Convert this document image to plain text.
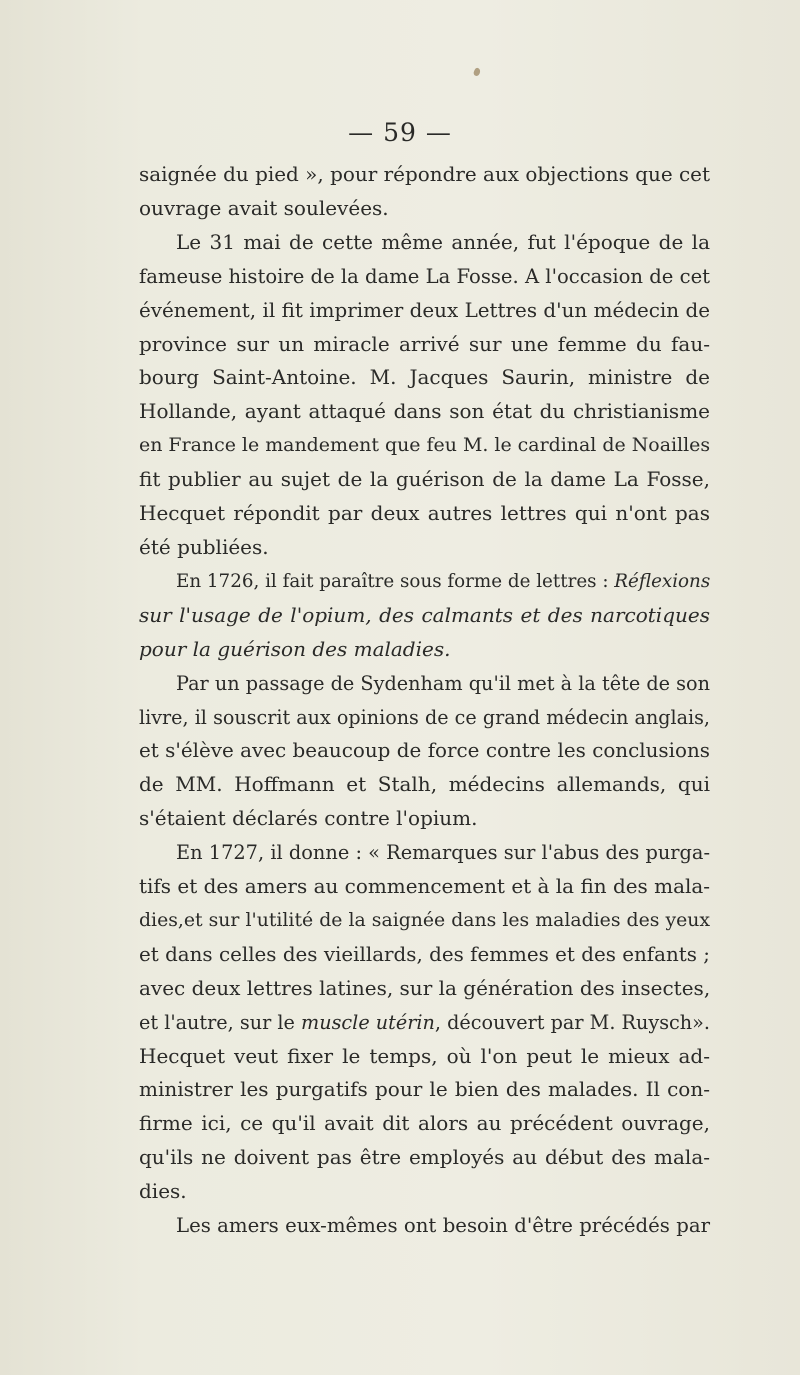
— 59 —
saignée du pied », pour répondre aux objections que cet
ouvrage avait soulevées.
Le 31 mai de cette même année, fut l'époque de la
fameuse histoire de la dame La Fosse. A l'occasion de cet
événement, il fit imprimer deux Lettres d'un médecin de
province sur un miracle arrivé sur une femme du fau-
bourg Saint-Antoine. M. Jacques Saurin, ministre de
Hollande, ayant attaqué dans son état du christianisme
en France le mandement que feu M. le cardinal de Noailles
fit publier au sujet de la guérison de la dame La Fosse,
Hecquet répondit par deux autres lettres qui n'ont pas
été publiées.
En 1726, il fait paraître sous forme de lettres : Réflexions
sur l'usage de l'opium, des calmants et des narcotiques
pour la guérison des maladies.
Par un passage de Sydenham qu'il met à la tête de son
livre, il souscrit aux opinions de ce grand médecin anglais,
et s'élève avec beaucoup de force contre les conclusions
de MM. Hoffmann et Stalh, médecins allemands, qui
s'étaient déclarés contre l'opium.
En 1727, il donne : « Remarques sur l'abus des purga-
tifs et des amers au commencement et à la fin des mala-
dies,et sur l'utilité de la saignée dans les maladies des yeux
et dans celles des vieillards, des femmes et des enfants ;
avec deux lettres latines, sur la génération des insectes,
et l'autre, sur le muscle utérin, découvert par M. Ruysch».
Hecquet veut fixer le temps, où l'on peut le mieux ad-
ministrer les purgatifs pour le bien des malades. Il con-
firme ici, ce qu'il avait dit alors au précédent ouvrage,
qu'ils ne doivent pas être employés au début des mala-
dies.
Les amers eux-mêmes ont besoin d'être précédés par
